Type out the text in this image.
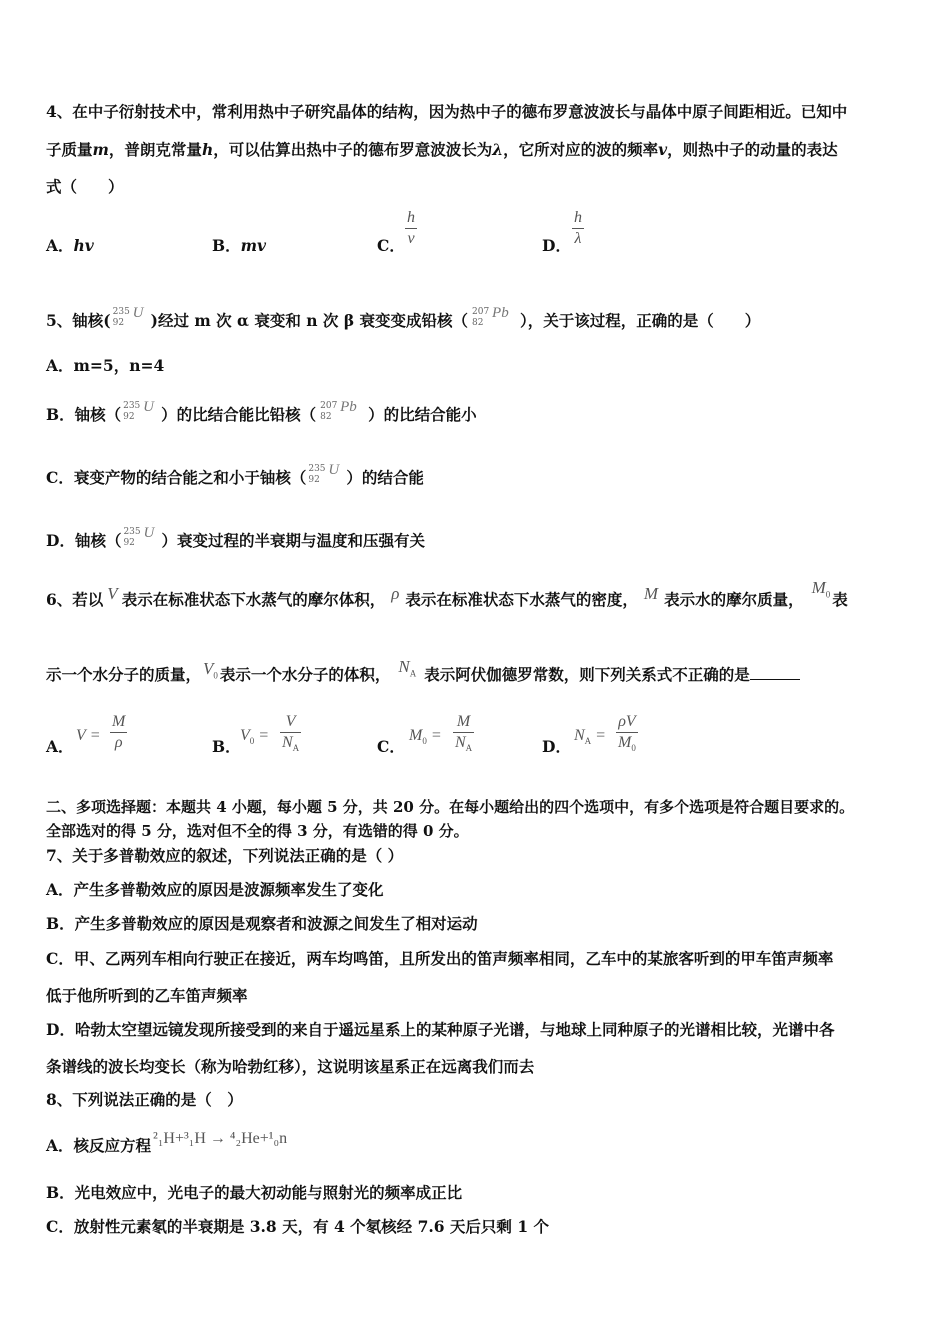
4、在中子衍射技术中，常利用热中子研究晶体的结构，因为热中子的德布罗意波波长与晶体中原子间距相近。已知中
子质量m，普朗克常量h，可以估算出热中子的德布罗意波波长为λ，它所对应的波的频率v，则热中子的动量的表达
式（　　）
A．hv	B．mv	C． $\frac{h}{v}$	D． $\frac{h}{\lambda}$
5、铀核( 235
92
U )经过 m 次 α 衰变和 n 次 β 衰变变成铅核（ 207
82
Pb ），关于该过程，正确的是（　　）
A．m=5，n=4
B．铀核（ 235
92
U ）的比结合能比铅核（ 207
82
Pb ）的比结合能小
C．衰变产物的结合能之和小于铀核（ 235
92
U ）的结合能
D．铀核（ 235
92
U ）衰变过程的半衰期与温度和压强有关
6、若以 V 表示在标准状态下水蒸气的摩尔体积， ρ 表示在标准状态下水蒸气的密度， M 表示水的摩尔质量，$M_0$ 表
示一个水分子的质量， $V_0$ 表示一个水分子的体积， $N_A$ 表示阿伏伽德罗常数，则下列关系式不正确的是
A．
$V = \frac{M}{\rho}$	B．
$V_0 = \frac{V}{N_A}$	C．
$M_0 = \frac{M}{N_A}$	D．
$N_A = \frac{\rho V}{M_0}$
二、多项选择题：本题共 4 小题，每小题 5 分，共 20 分。在每小题给出的四个选项中，有多个选项是符合题目要求的。
全部选对的得 5 分，选对但不全的得 3 分，有选错的得 0 分。
7、关于多普勒效应的叙述，下列说法正确的是（ ）
A．产生多普勒效应的原因是波源频率发生了变化
B．产生多普勒效应的原因是观察者和波源之间发生了相对运动
C．甲、乙两列车相向行驶正在接近，两车均鸣笛，且所发出的笛声频率相同，乙车中的某旅客听到的甲车笛声频率
低于他所听到的乙车笛声频率
D．哈勃太空望远镜发现所接受到的来自于遥远星系上的某种原子光谱，与地球上同种原子的光谱相比较，光谱中各
条谱线的波长均变长（称为哈勃红移），这说明该星系正在远离我们而去
8、下列说法正确的是（　）
A．核反应方程 ²₁H+³₁H → ⁴₂He+¹₀n
B．光电效应中，光电子的最大初动能与照射光的频率成正比
C．放射性元素氡的半衰期是 3.8 天，有 4 个氡核经 7.6 天后只剩 1 个
